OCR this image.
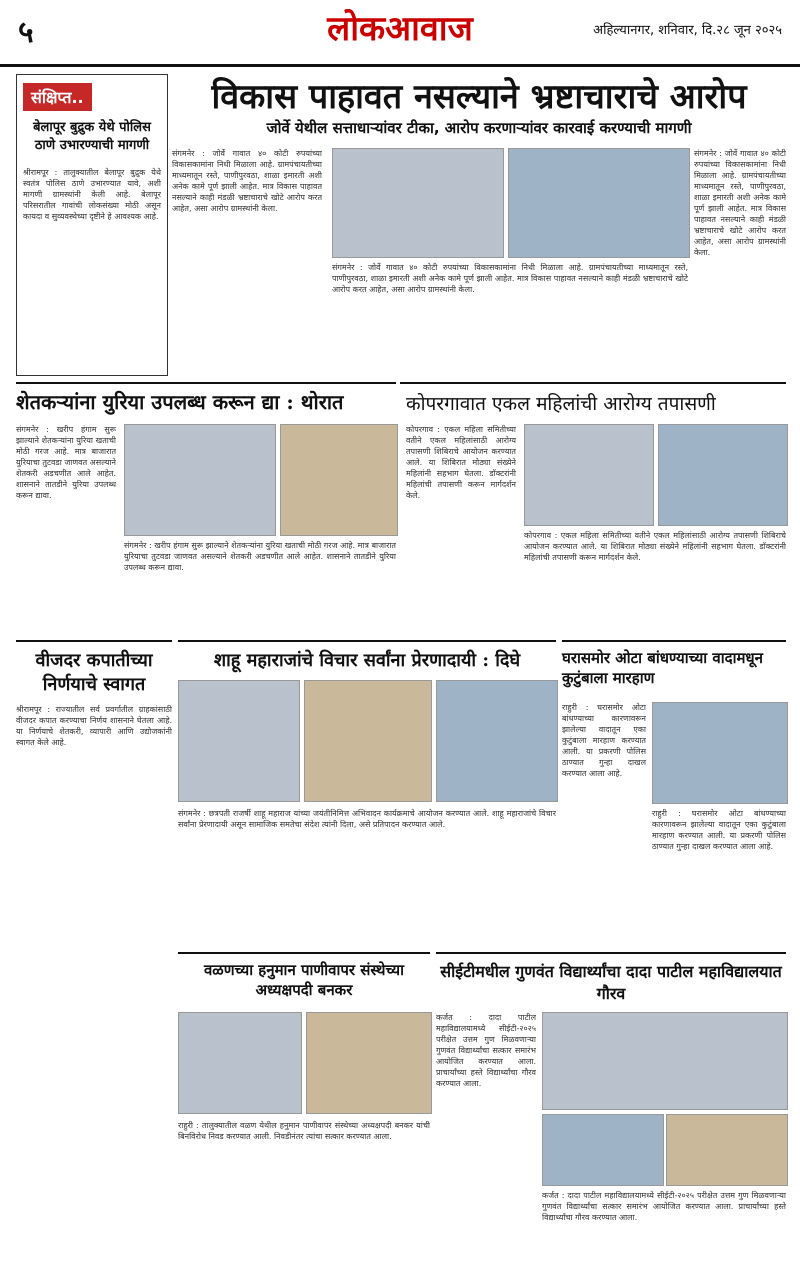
५	लोकआवाज	अहिल्यानगर, शनिवार, दि.२८ जून २०२५
संक्षिप्त..
बेलापूर बुद्रुक येथे पोलिस ठाणे उभारण्याची मागणी
श्रीरामपूर : तालुक्यातील बेलापूर बुद्रुक येथे स्वतंत्र पोलिस ठाणे उभारण्यात यावे, अशी मागणी ग्रामस्थांनी केली आहे. बेलापूर परिसरातील गावांची लोकसंख्या मोठी असून कायदा व सुव्यवस्थेच्या दृष्टीने हे आवश्यक आहे.
विकास पाहावत नसल्याने भ्रष्टाचाराचे आरोप
जोर्वे येथील सत्ताधाऱ्यांवर टीका, आरोप करणाऱ्यांवर कारवाई करण्याची मागणी
संगमनेर : जोर्वे गावात ४० कोटी रुपयांच्या विकासकामांना निधी मिळाला आहे. ग्रामपंचायतीच्या माध्यमातून रस्ते, पाणीपुरवठा, शाळा इमारती अशी अनेक कामे पूर्ण झाली आहेत. मात्र विकास पाहावत नसल्याने काही मंडळी भ्रष्टाचाराचे खोटे आरोप करत आहेत, असा आरोप ग्रामस्थांनी केला.
संगमनेर : जोर्वे गावात ४० कोटी रुपयांच्या विकासकामांना निधी मिळाला आहे. ग्रामपंचायतीच्या माध्यमातून रस्ते, पाणीपुरवठा, शाळा इमारती अशी अनेक कामे पूर्ण झाली आहेत. मात्र विकास पाहावत नसल्याने काही मंडळी भ्रष्टाचाराचे खोटे आरोप करत आहेत, असा आरोप ग्रामस्थांनी केला.
संगमनेर : जोर्वे गावात ४० कोटी रुपयांच्या विकासकामांना निधी मिळाला आहे. ग्रामपंचायतीच्या माध्यमातून रस्ते, पाणीपुरवठा, शाळा इमारती अशी अनेक कामे पूर्ण झाली आहेत. मात्र विकास पाहावत नसल्याने काही मंडळी भ्रष्टाचाराचे खोटे आरोप करत आहेत, असा आरोप ग्रामस्थांनी केला.
शेतकऱ्यांना युरिया उपलब्ध करून द्या : थोरात
संगमनेर : खरीप हंगाम सुरू झाल्याने शेतकऱ्यांना युरिया खताची मोठी गरज आहे. मात्र बाजारात युरियाचा तुटवडा जाणवत असल्याने शेतकरी अडचणीत आले आहेत. शासनाने तातडीने युरिया उपलब्ध करून द्यावा.
संगमनेर : खरीप हंगाम सुरू झाल्याने शेतकऱ्यांना युरिया खताची मोठी गरज आहे. मात्र बाजारात युरियाचा तुटवडा जाणवत असल्याने शेतकरी अडचणीत आले आहेत. शासनाने तातडीने युरिया उपलब्ध करून द्यावा.
कोपरगावात एकल महिलांची आरोग्य तपासणी
कोपरगाव : एकल महिला समितीच्या वतीने एकल महिलांसाठी आरोग्य तपासणी शिबिराचे आयोजन करण्यात आले. या शिबिरात मोठ्या संख्येने महिलांनी सहभाग घेतला. डॉक्टरांनी महिलांची तपासणी करून मार्गदर्शन केले.
कोपरगाव : एकल महिला समितीच्या वतीने एकल महिलांसाठी आरोग्य तपासणी शिबिराचे आयोजन करण्यात आले. या शिबिरात मोठ्या संख्येने महिलांनी सहभाग घेतला. डॉक्टरांनी महिलांची तपासणी करून मार्गदर्शन केले.
वीजदर कपातीच्या निर्णयाचे स्वागत
श्रीरामपूर : राज्यातील सर्व प्रवर्गातील ग्राहकांसाठी वीजदर कपात करण्याचा निर्णय शासनाने घेतला आहे. या निर्णयाचे शेतकरी, व्यापारी आणि उद्योजकांनी स्वागत केले आहे.
शाहू महाराजांचे विचार सर्वांना प्रेरणादायी : दिघे
संगमनेर : छत्रपती राजर्षी शाहू महाराज यांच्या जयंतीनिमित्त अभिवादन कार्यक्रमाचे आयोजन करण्यात आले. शाहू महाराजांचे विचार सर्वांना प्रेरणादायी असून सामाजिक समतेचा संदेश त्यांनी दिला, असे प्रतिपादन करण्यात आले.
घरासमोर ओटा बांधण्याच्या वादामधून कुटुंबाला मारहाण
राहुरी : घरासमोर ओटा बांधण्याच्या कारणावरून झालेल्या वादातून एका कुटुंबाला मारहाण करण्यात आली. या प्रकरणी पोलिस ठाण्यात गुन्हा दाखल करण्यात आला आहे.
राहुरी : घरासमोर ओटा बांधण्याच्या कारणावरून झालेल्या वादातून एका कुटुंबाला मारहाण करण्यात आली. या प्रकरणी पोलिस ठाण्यात गुन्हा दाखल करण्यात आला आहे.
वळणच्या हनुमान पाणीवापर संस्थेच्या अध्यक्षपदी बनकर
राहुरी : तालुक्यातील वळण येथील हनुमान पाणीवापर संस्थेच्या अध्यक्षपदी बनकर यांची बिनविरोध निवड करण्यात आली. निवडीनंतर त्यांचा सत्कार करण्यात आला.
सीईटीमधील गुणवंत विद्यार्थ्यांचा दादा पाटील महाविद्यालयात गौरव
कर्जत : दादा पाटील महाविद्यालयामध्ये सीईटी-२०२५ परीक्षेत उत्तम गुण मिळवणाऱ्या गुणवंत विद्यार्थ्यांचा सत्कार समारंभ आयोजित करण्यात आला. प्राचार्यांच्या हस्ते विद्यार्थ्यांचा गौरव करण्यात आला.
कर्जत : दादा पाटील महाविद्यालयामध्ये सीईटी-२०२५ परीक्षेत उत्तम गुण मिळवणाऱ्या गुणवंत विद्यार्थ्यांचा सत्कार समारंभ आयोजित करण्यात आला. प्राचार्यांच्या हस्ते विद्यार्थ्यांचा गौरव करण्यात आला.
